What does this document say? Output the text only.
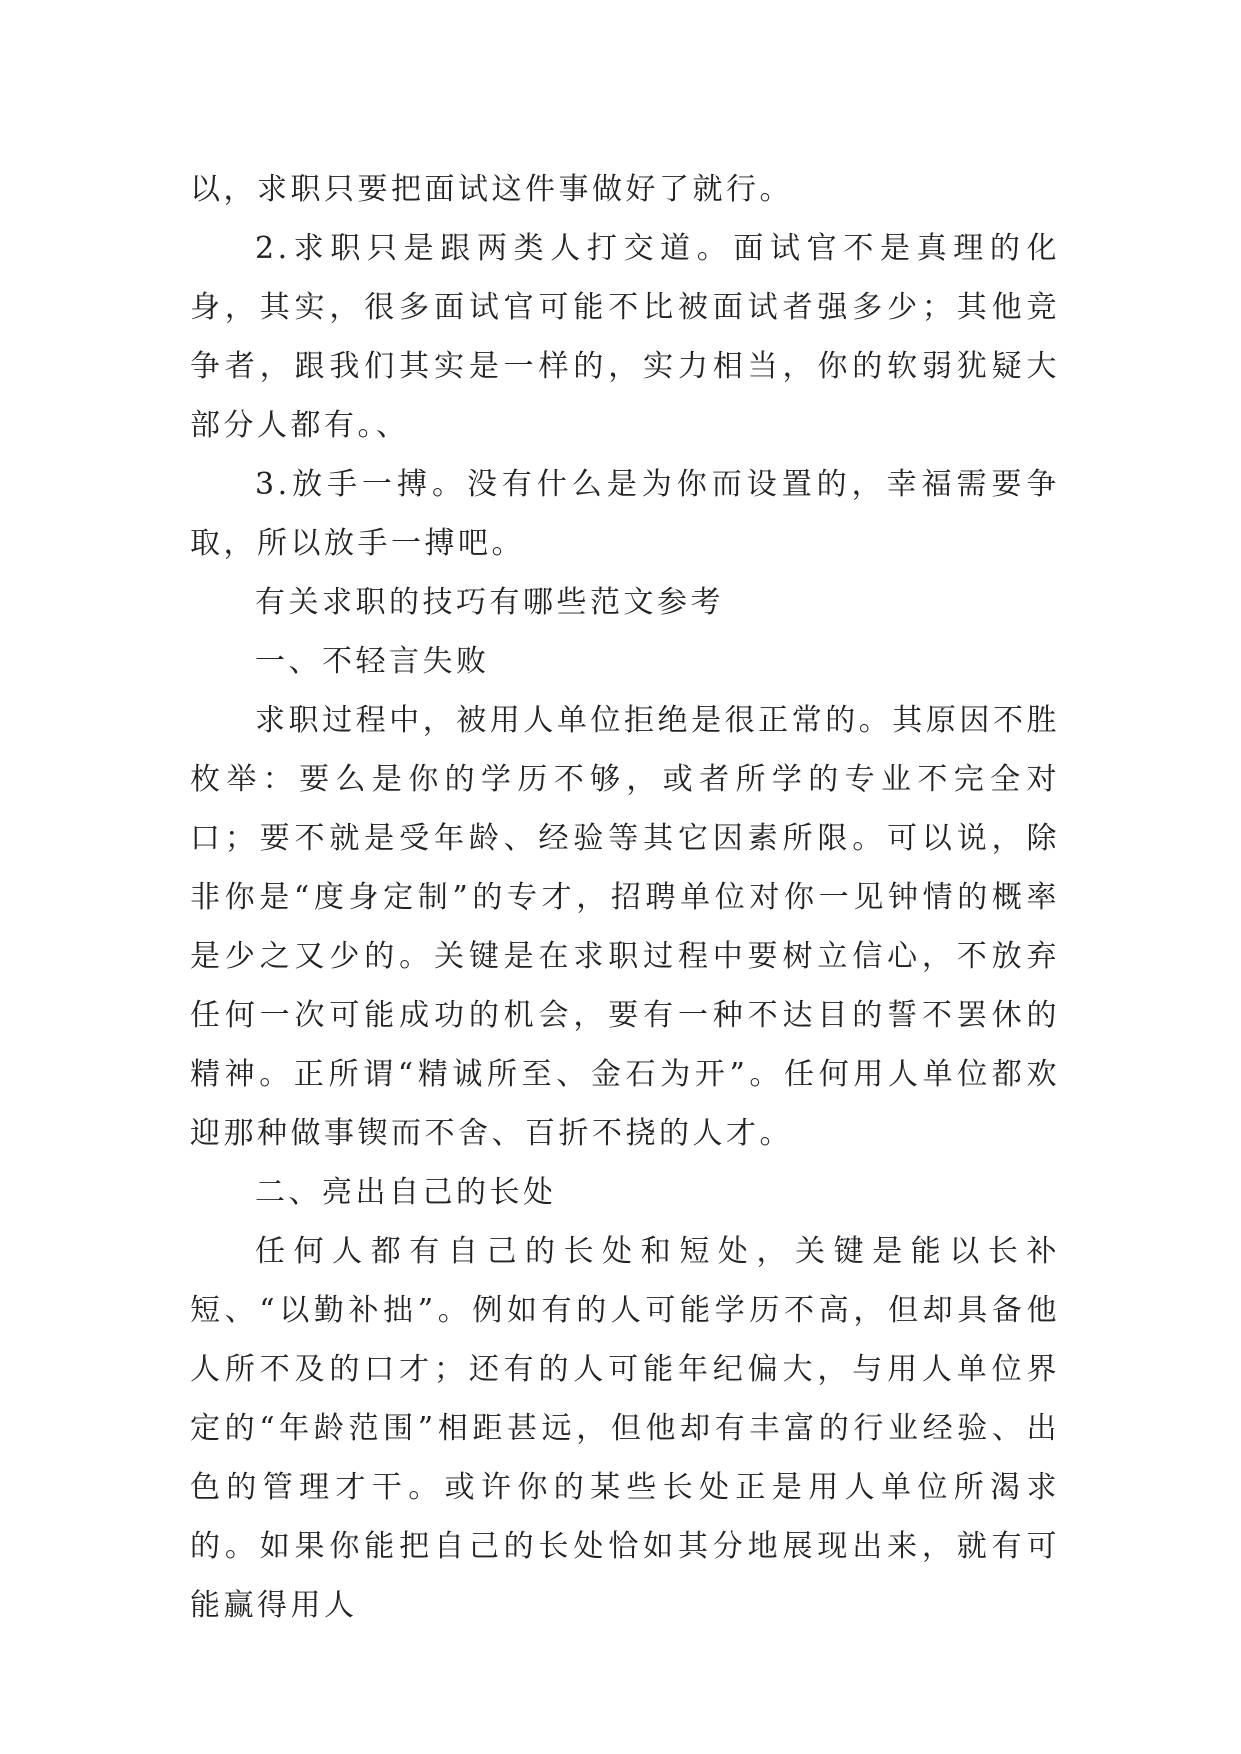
以，求职只要把面试这件事做好了就行。

2.求职只是跟两类人打交道。面试官不是真理的化身，其实，很多面试官可能不比被面试者强多少；其他竞争者，跟我们其实是一样的，实力相当，你的软弱犹疑大部分人都有。、

3.放手一搏。没有什么是为你而设置的，幸福需要争取，所以放手一搏吧。

有关求职的技巧有哪些范文参考

一、不轻言失败

求职过程中，被用人单位拒绝是很正常的。其原因不胜枚举：要么是你的学历不够，或者所学的专业不完全对口；要不就是受年龄、经验等其它因素所限。可以说，除非你是“度身定制”的专才，招聘单位对你一见钟情的概率是少之又少的。关键是在求职过程中要树立信心，不放弃任何一次可能成功的机会，要有一种不达目的誓不罢休的精神。正所谓“精诚所至、金石为开”。任何用人单位都欢迎那种做事锲而不舍、百折不挠的人才。

二、亮出自己的长处

任何人都有自己的长处和短处，关键是能以长补短、“以勤补拙”。例如有的人可能学历不高，但却具备他人所不及的口才；还有的人可能年纪偏大，与用人单位界定的“年龄范围”相距甚远，但他却有丰富的行业经验、出色的管理才干。或许你的某些长处正是用人单位所渴求的。如果你能把自己的长处恰如其分地展现出来，就有可能赢得用人
